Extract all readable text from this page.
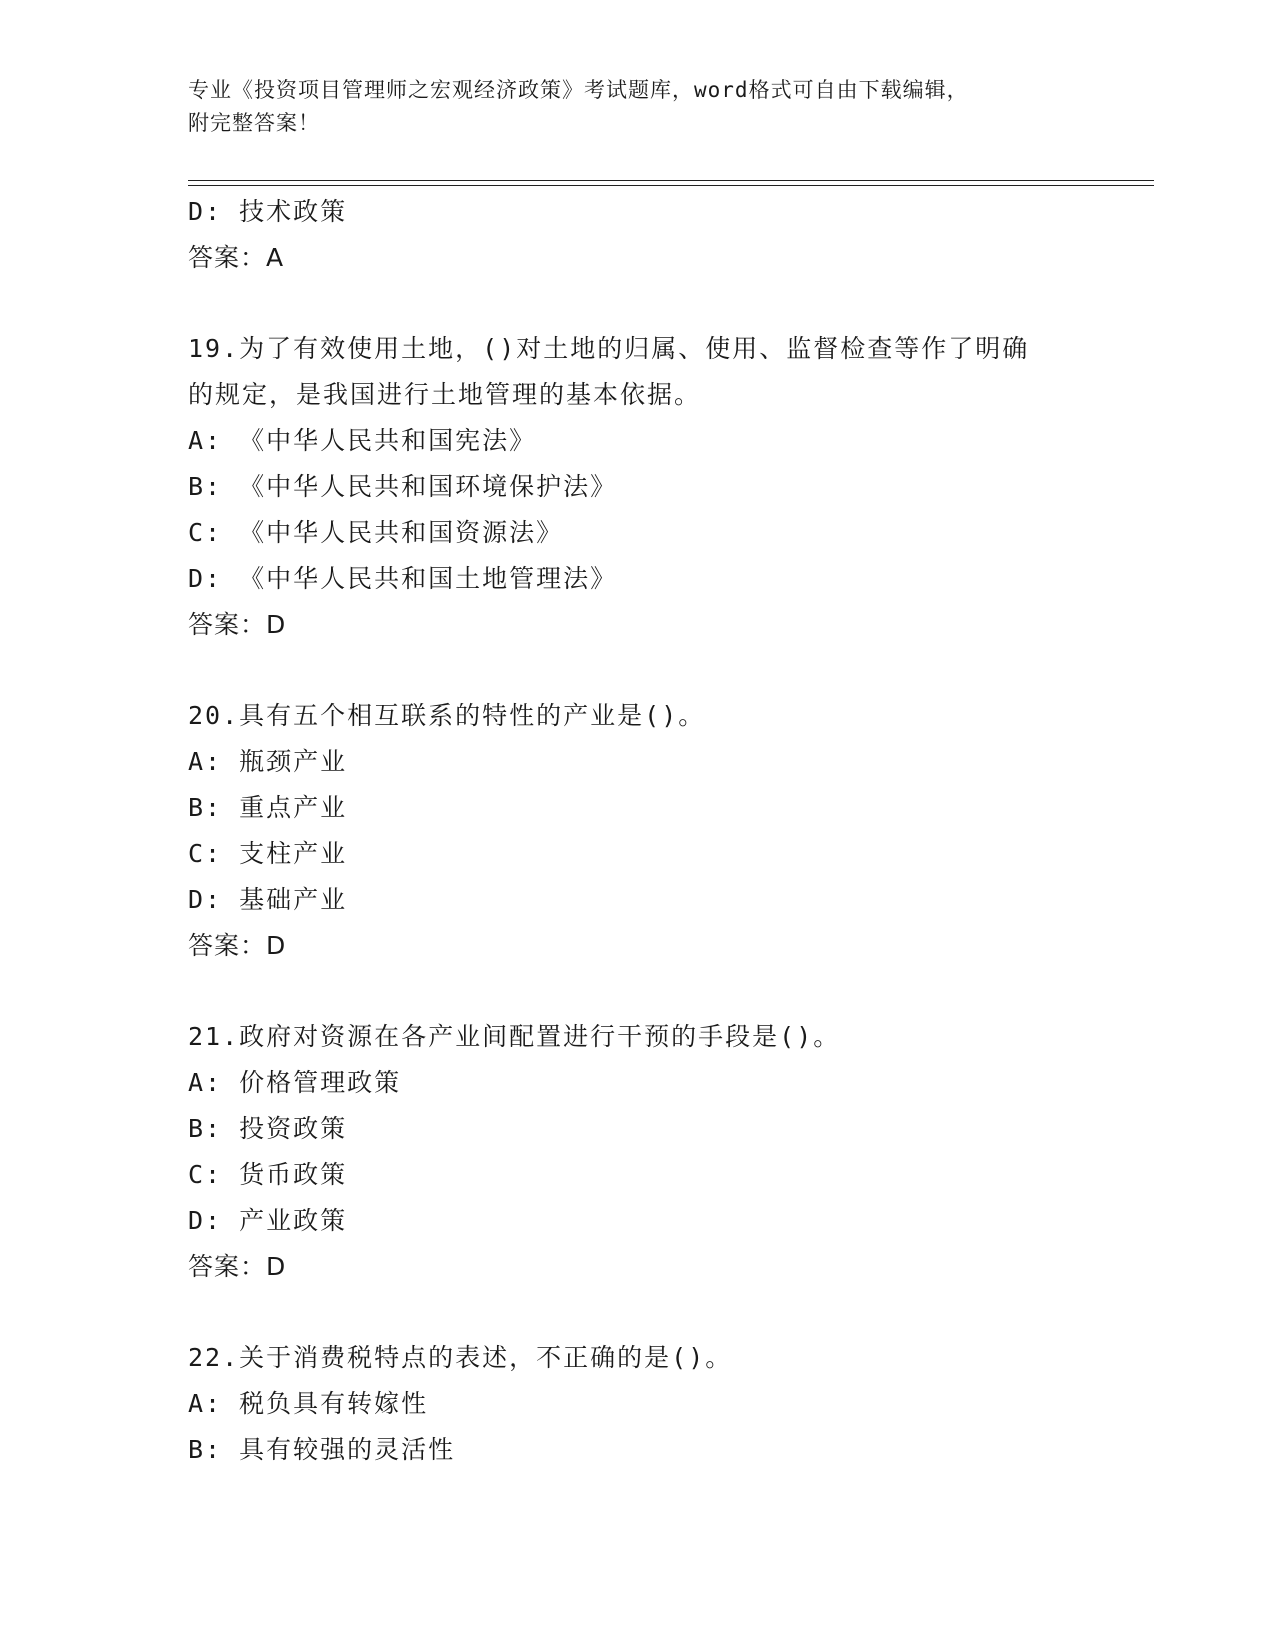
专业《投资项目管理师之宏观经济政策》考试题库，word格式可自由下载编辑，
附完整答案！
D: 技术政策
答案：A
19.为了有效使用土地，()对土地的归属、使用、监督检查等作了明确
的规定，是我国进行土地管理的基本依据。
A: 《中华人民共和国宪法》
B: 《中华人民共和国环境保护法》
C: 《中华人民共和国资源法》
D: 《中华人民共和国土地管理法》
答案：D
20.具有五个相互联系的特性的产业是()。
A: 瓶颈产业
B: 重点产业
C: 支柱产业
D: 基础产业
答案：D
21.政府对资源在各产业间配置进行干预的手段是()。
A: 价格管理政策
B: 投资政策
C: 货币政策
D: 产业政策
答案：D
22.关于消费税特点的表述，不正确的是()。
A: 税负具有转嫁性
B: 具有较强的灵活性
